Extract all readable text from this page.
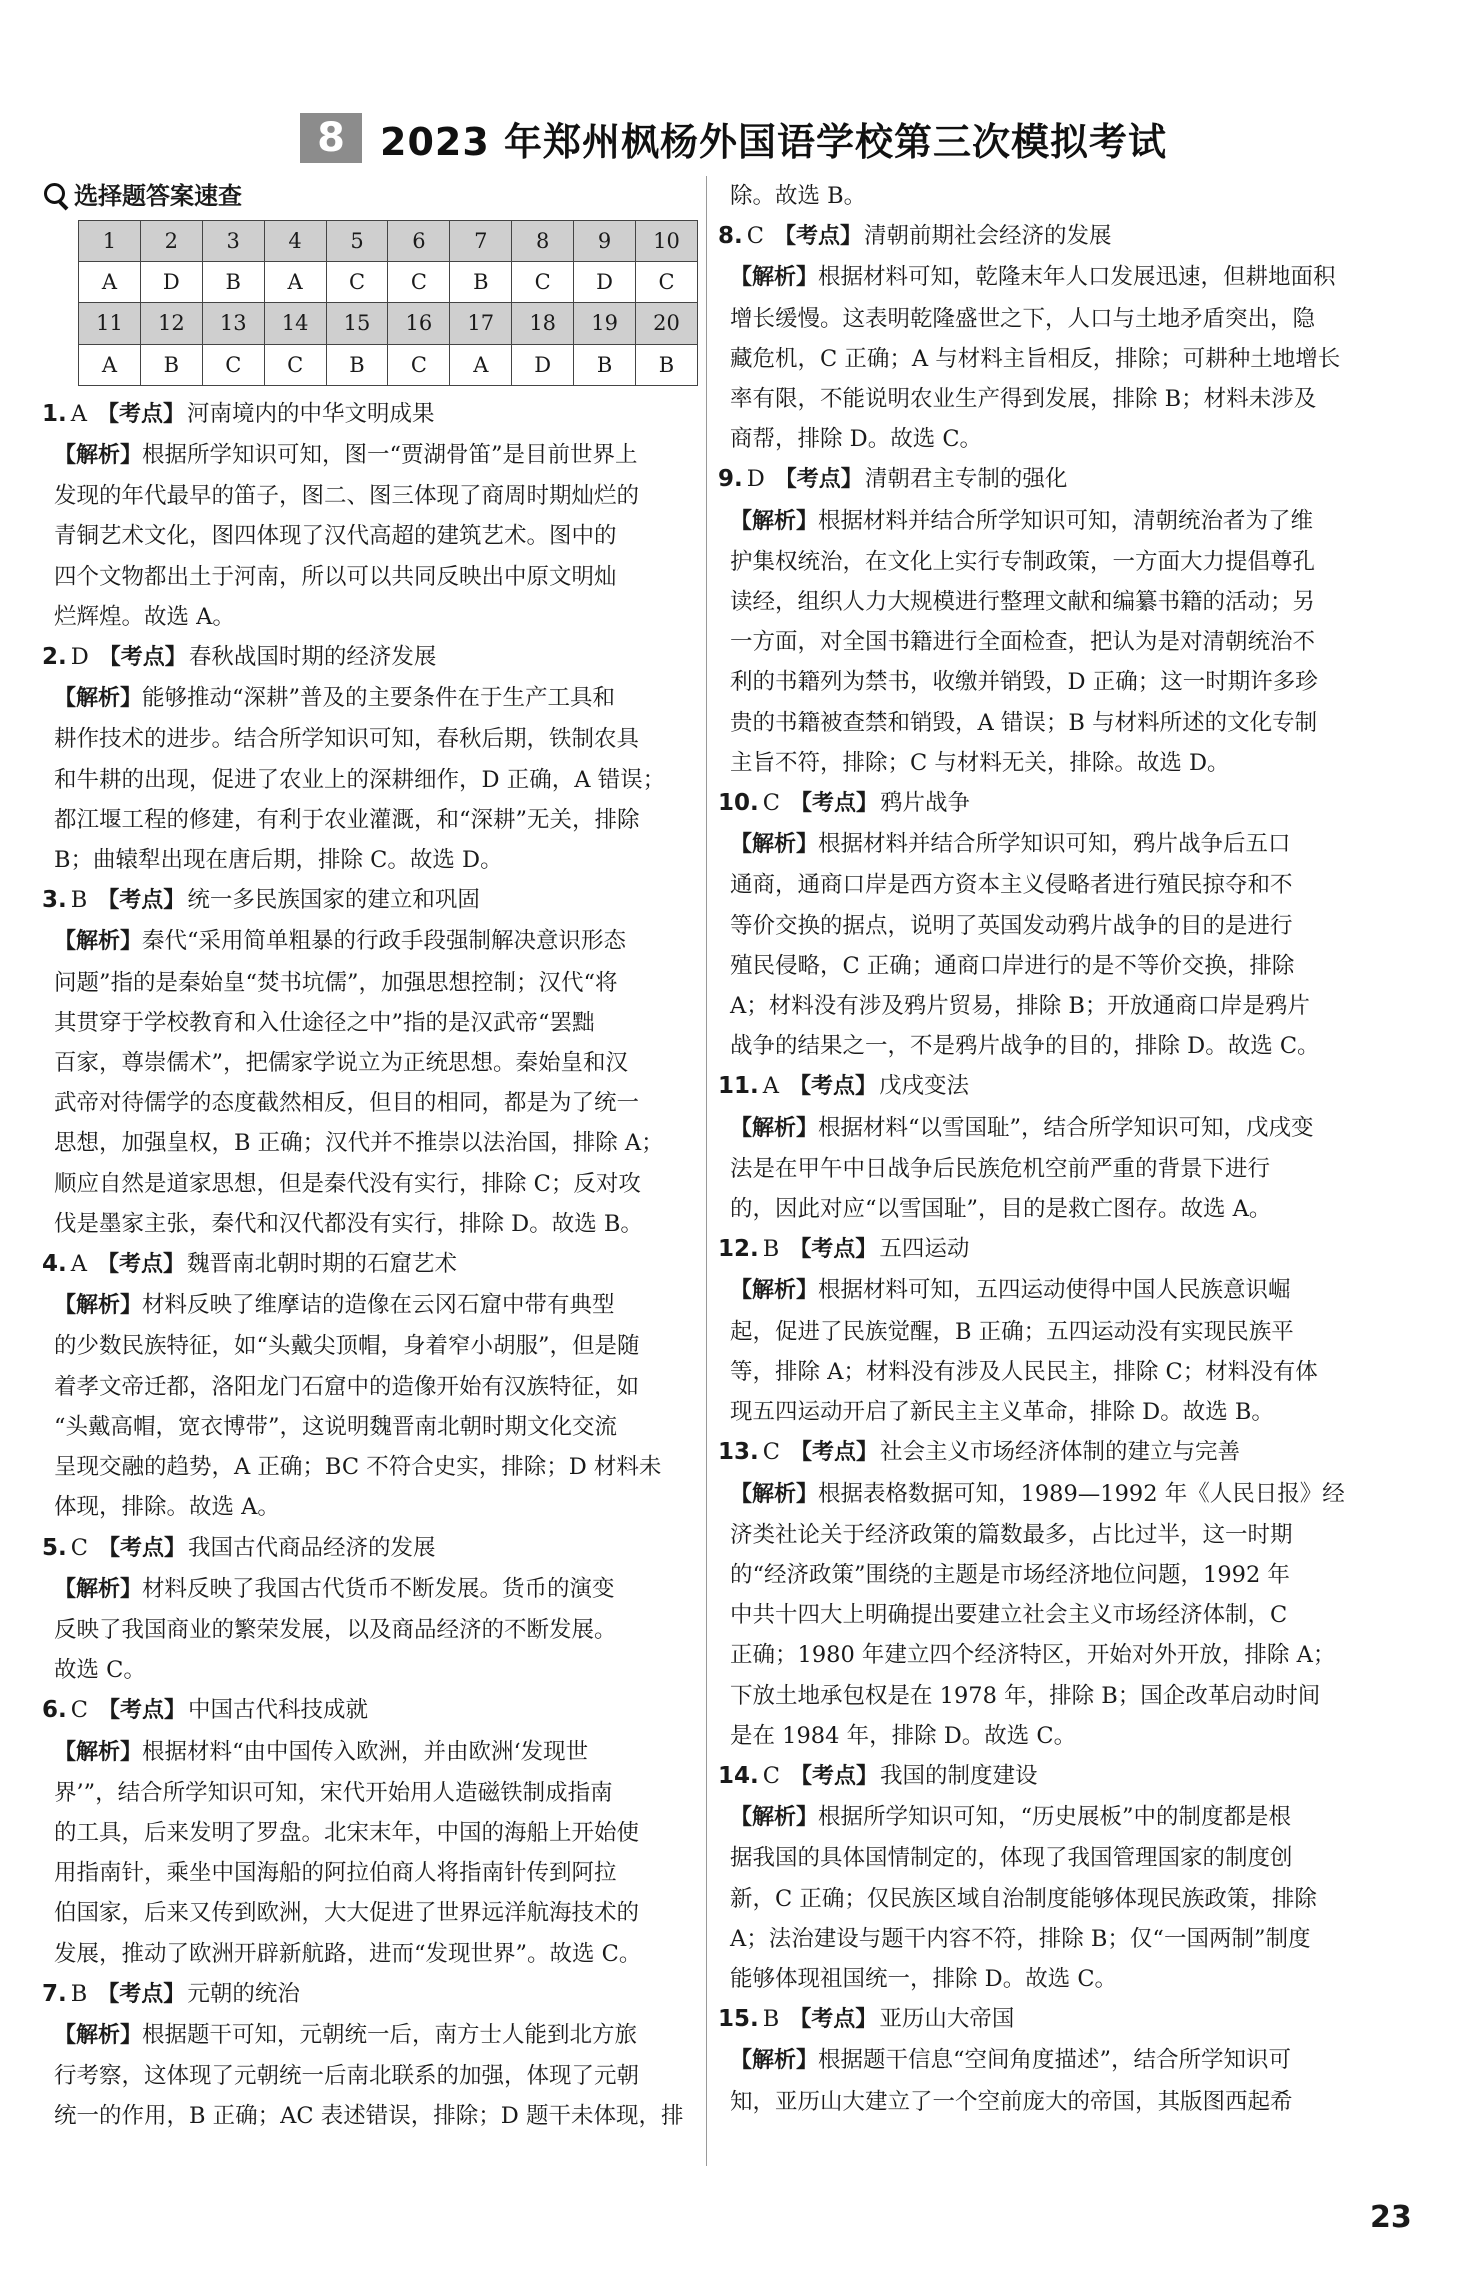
8 2023 年郑州枫杨外国语学校第三次模拟考试
选择题答案速查
1	2	3	4	5	6	7	8	9	10
A	D	B	A	C	C	B	C	D	C
11	12	13	14	15	16	17	18	19	20
A	B	C	C	B	C	A	D	B	B
1. A 【考点】 河南境内的中华文明成果
【解析】根据所学知识可知，图一“贾湖骨笛”是目前世界上
发现的年代最早的笛子，图二、图三体现了商周时期灿烂的
青铜艺术文化，图四体现了汉代高超的建筑艺术。图中的
四个文物都出土于河南，所以可以共同反映出中原文明灿
烂辉煌。故选 A。
2. D 【考点】 春秋战国时期的经济发展
【解析】能够推动“深耕”普及的主要条件在于生产工具和
耕作技术的进步。结合所学知识可知，春秋后期，铁制农具
和牛耕的出现，促进了农业上的深耕细作，D 正确，A 错误；
都江堰工程的修建，有利于农业灌溉，和“深耕”无关，排除
B；曲辕犁出现在唐后期，排除 C。故选 D。
3. B 【考点】 统一多民族国家的建立和巩固
【解析】秦代“采用简单粗暴的行政手段强制解决意识形态
问题”指的是秦始皇“焚书坑儒”，加强思想控制；汉代“将
其贯穿于学校教育和入仕途径之中”指的是汉武帝“罢黜
百家，尊崇儒术”，把儒家学说立为正统思想。秦始皇和汉
武帝对待儒学的态度截然相反，但目的相同，都是为了统一
思想，加强皇权，B 正确；汉代并不推崇以法治国，排除 A；
顺应自然是道家思想，但是秦代没有实行，排除 C；反对攻
伐是墨家主张，秦代和汉代都没有实行，排除 D。故选 B。
4. A 【考点】 魏晋南北朝时期的石窟艺术
【解析】材料反映了维摩诘的造像在云冈石窟中带有典型
的少数民族特征，如“头戴尖顶帽，身着窄小胡服”，但是随
着孝文帝迁都，洛阳龙门石窟中的造像开始有汉族特征，如
“头戴高帽，宽衣博带”，这说明魏晋南北朝时期文化交流
呈现交融的趋势，A 正确；BC 不符合史实，排除；D 材料未
体现，排除。故选 A。
5. C 【考点】 我国古代商品经济的发展
【解析】材料反映了我国古代货币不断发展。货币的演变
反映了我国商业的繁荣发展，以及商品经济的不断发展。
故选 C。
6. C 【考点】 中国古代科技成就
【解析】根据材料“由中国传入欧洲，并由欧洲‘发现世
界’”，结合所学知识可知，宋代开始用人造磁铁制成指南
的工具，后来发明了罗盘。北宋末年，中国的海船上开始使
用指南针，乘坐中国海船的阿拉伯商人将指南针传到阿拉
伯国家，后来又传到欧洲，大大促进了世界远洋航海技术的
发展，推动了欧洲开辟新航路，进而“发现世界”。故选 C。
7. B 【考点】 元朝的统治
【解析】根据题干可知，元朝统一后，南方士人能到北方旅
行考察，这体现了元朝统一后南北联系的加强，体现了元朝
统一的作用，B 正确；AC 表述错误，排除；D 题干未体现，排
除。故选 B。
8. C 【考点】 清朝前期社会经济的发展
【解析】根据材料可知，乾隆末年人口发展迅速，但耕地面积
增长缓慢。这表明乾隆盛世之下，人口与土地矛盾突出，隐
藏危机，C 正确；A 与材料主旨相反，排除；可耕种土地增长
率有限，不能说明农业生产得到发展，排除 B；材料未涉及
商帮，排除 D。故选 C。
9. D 【考点】 清朝君主专制的强化
【解析】根据材料并结合所学知识可知，清朝统治者为了维
护集权统治，在文化上实行专制政策，一方面大力提倡尊孔
读经，组织人力大规模进行整理文献和编纂书籍的活动；另
一方面，对全国书籍进行全面检查，把认为是对清朝统治不
利的书籍列为禁书，收缴并销毁，D 正确；这一时期许多珍
贵的书籍被查禁和销毁，A 错误；B 与材料所述的文化专制
主旨不符，排除；C 与材料无关，排除。故选 D。
10. C 【考点】 鸦片战争
【解析】根据材料并结合所学知识可知，鸦片战争后五口
通商，通商口岸是西方资本主义侵略者进行殖民掠夺和不
等价交换的据点，说明了英国发动鸦片战争的目的是进行
殖民侵略，C 正确；通商口岸进行的是不等价交换，排除
A；材料没有涉及鸦片贸易，排除 B；开放通商口岸是鸦片
战争的结果之一，不是鸦片战争的目的，排除 D。故选 C。
11. A 【考点】 戊戌变法
【解析】根据材料“以雪国耻”，结合所学知识可知，戊戌变
法是在甲午中日战争后民族危机空前严重的背景下进行
的，因此对应“以雪国耻”，目的是救亡图存。故选 A。
12. B 【考点】 五四运动
【解析】根据材料可知，五四运动使得中国人民族意识崛
起，促进了民族觉醒，B 正确；五四运动没有实现民族平
等，排除 A；材料没有涉及人民民主，排除 C；材料没有体
现五四运动开启了新民主主义革命，排除 D。故选 B。
13. C 【考点】 社会主义市场经济体制的建立与完善
【解析】根据表格数据可知，1989—1992 年《人民日报》经
济类社论关于经济政策的篇数最多，占比过半，这一时期
的“经济政策”围绕的主题是市场经济地位问题，1992 年
中共十四大上明确提出要建立社会主义市场经济体制，C
正确；1980 年建立四个经济特区，开始对外开放，排除 A；
下放土地承包权是在 1978 年，排除 B；国企改革启动时间
是在 1984 年，排除 D。故选 C。
14. C 【考点】 我国的制度建设
【解析】根据所学知识可知，“历史展板”中的制度都是根
据我国的具体国情制定的，体现了我国管理国家的制度创
新，C 正确；仅民族区域自治制度能够体现民族政策，排除
A；法治建设与题干内容不符，排除 B；仅“一国两制”制度
能够体现祖国统一，排除 D。故选 C。
15. B 【考点】 亚历山大帝国
【解析】根据题干信息“空间角度描述”，结合所学知识可
知，亚历山大建立了一个空前庞大的帝国，其版图西起希
23
